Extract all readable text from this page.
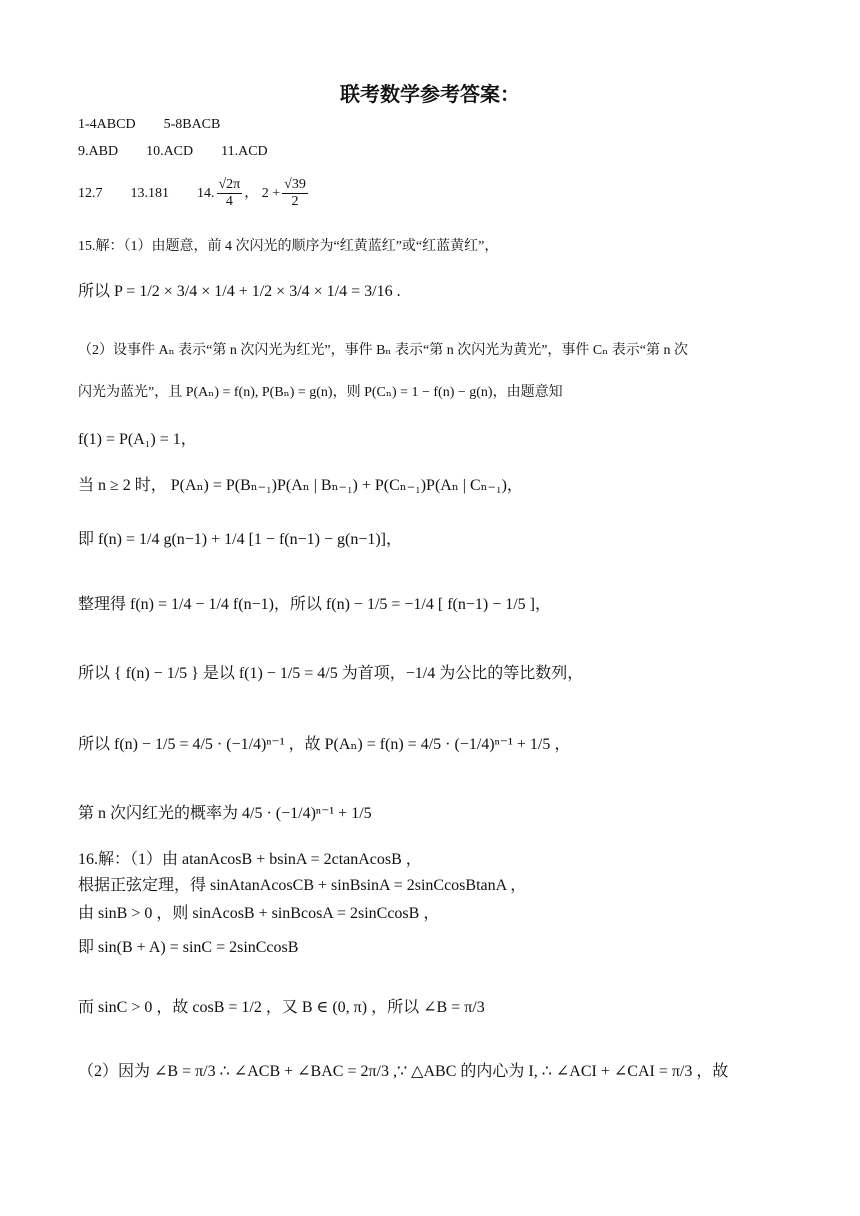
联考数学参考答案：
1-4ABCD 5-8BACB
9.ABD 10.ACD 11.ACD
12.7 13.181 14. $\frac{√2\pi}{4}$ ， $2 + \frac{√39}{2}$
15.解：（1）由题意，前 4 次闪光的顺序为“红黄蓝红”或“红蓝黄红”，
所以 P = 1/2 × 3/4 × 1/4 + 1/2 × 3/4 × 1/4 = 3/16 .
（2）设事件 Aₙ 表示“第 n 次闪光为红光”，事件 Bₙ 表示“第 n 次闪光为黄光”，事件 Cₙ 表示“第 n 次
闪光为蓝光”，且 P(Aₙ) = f(n), P(Bₙ) = g(n)，则 P(Cₙ) = 1 − f(n) − g(n)，由题意知
f(1) = P(A₁) = 1，
当 n ≥ 2 时， P(Aₙ) = P(Bₙ₋₁)P(Aₙ | Bₙ₋₁) + P(Cₙ₋₁)P(Aₙ | Cₙ₋₁)，
即 f(n) = 1/4 g(n−1) + 1/4 [1 − f(n−1) − g(n−1)]，
整理得 f(n) = 1/4 − 1/4 f(n−1)，所以 f(n) − 1/5 = −1/4 [ f(n−1) − 1/5 ]，
所以 { f(n) − 1/5 } 是以 f(1) − 1/5 = 4/5 为首项，−1/4 为公比的等比数列，
所以 f(n) − 1/5 = 4/5 · (−1/4)ⁿ⁻¹ ，故 P(Aₙ) = f(n) = 4/5 · (−1/4)ⁿ⁻¹ + 1/5 ，
第 n 次闪红光的概率为 4/5 · (−1/4)ⁿ⁻¹ + 1/5
16.解：（1）由 atanAcosB + bsinA = 2ctanAcosB ，
根据正弦定理，得 sinAtanAcosCB + sinBsinA = 2sinCcosBtanA ，
由 sinB > 0 ，则 sinAcosB + sinBcosA = 2sinCcosB ，
即 sin(B + A) = sinC = 2sinCcosB
而 sinC > 0 ，故 cosB = 1/2 ，又 B ∈ (0, π) ，所以 ∠B = π/3
（2）因为 ∠B = π/3 ∴ ∠ACB + ∠BAC = 2π/3 ,∵ △ABC 的内心为 I, ∴ ∠ACI + ∠CAI = π/3 ，故
